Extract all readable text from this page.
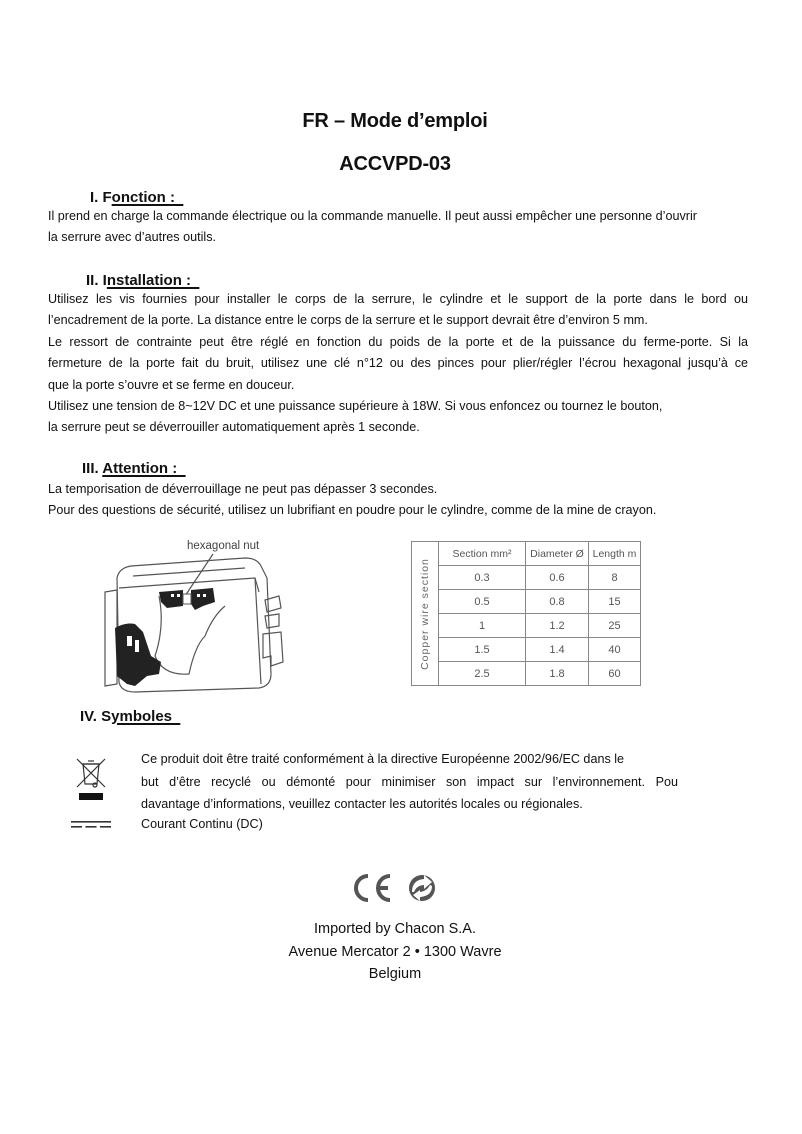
FR – Mode d’emploi
ACCVPD-03
I. Fonction :
Il prend en charge la commande électrique ou la commande manuelle. Il peut aussi empêcher une personne d’ouvrir
la serrure avec d’autres outils.
II. Installation :
Utilisez les vis fournies pour installer le corps de la serrure, le cylindre et le support de la porte dans le bord ou
l’encadrement de la porte. La distance entre le corps de la serrure et le support devrait être d’environ 5 mm.
Le ressort de contrainte peut être réglé en fonction du poids de la porte et de la puissance du ferme-porte. Si la
fermeture de la porte fait du bruit, utilisez une clé n°12 ou des pinces pour plier/régler l’écrou hexagonal jusqu’à ce
que la porte s’ouvre et se ferme en douceur.
Utilisez une tension de 8~12V DC et une puissance supérieure à 18W. Si vous enfoncez ou tournez le bouton,
la serrure peut se déverrouiller automatiquement après 1 seconde.
III. Attention :
La temporisation de déverrouillage ne peut pas dépasser 3 secondes.
Pour des questions de sécurité, utilisez un lubrifiant en poudre pour le cylindre, comme de la mine de crayon.
hexagonal nut
Copper wire section	Section mm²	Diameter Ø	Length m
	0.3	0.6	8
	0.5	0.8	15
	1	1.2	25
	1.5	1.4	40
	2.5	1.8	60
IV. Symboles
Ce produit doit être traité conformément à la directive Européenne 2002/96/EC dans le
but d’être recyclé ou démonté pour minimiser son impact sur l’environnement. Pou
davantage d’informations, veuillez contacter les autorités locales ou régionales.
Courant Continu (DC)
Imported by Chacon S.A.
Avenue Mercator 2 • 1300 Wavre
Belgium
